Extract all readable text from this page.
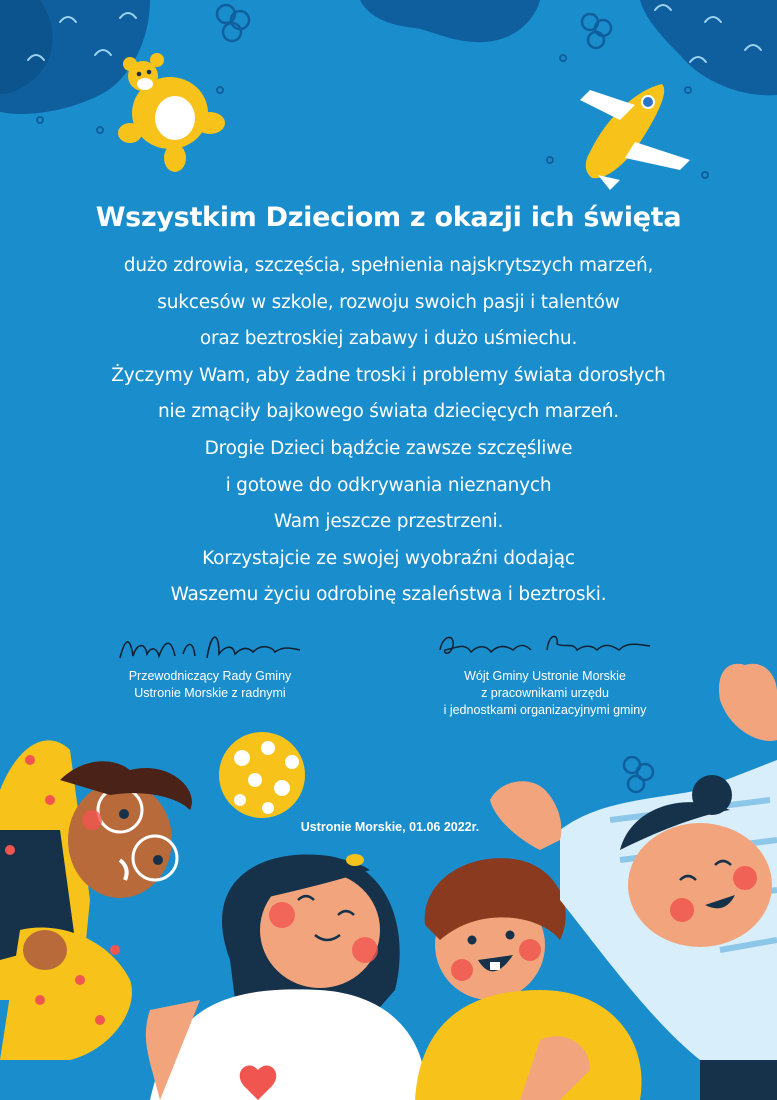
Wszystkim Dzieciom z okazji ich święta
dużo zdrowia, szczęścia, spełnienia najskrytszych marzeń,
sukcesów w szkole, rozwoju swoich pasji i talentów
oraz beztroskiej zabawy i dużo uśmiechu.
Życzymy Wam, aby żadne troski i problemy świata dorosłych
nie zmąciły bajkowego świata dziecięcych marzeń.
Drogie Dzieci bądźcie zawsze szczęśliwe
i gotowe do odkrywania nieznanych
Wam jeszcze przestrzeni.
Korzystajcie ze swojej wyobraźni dodając
Waszemu życiu odrobinę szaleństwa i beztroski.
Przewodniczący Rady Gminy
Ustronie Morskie z radnymi
Wójt Gminy Ustronie Morskie
z pracownikami urzędu
i jednostkami organizacyjnymi gminy
Ustronie Morskie, 01.06 2022r.
